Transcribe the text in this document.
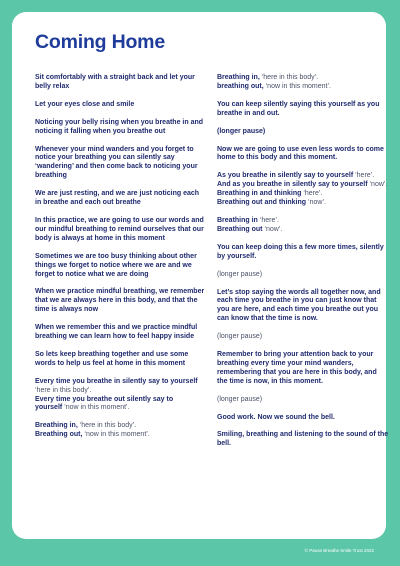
Coming Home

Sit comfortably with a straight back and let your belly relax

Let your eyes close and smile

Noticing your belly rising when you breathe in and noticing it falling when you breathe out

Whenever your mind wanders and you forget to notice your breathing you can silently say ‘wandering’ and then come back to noticing your breathing

We are just resting, and we are just noticing each in breathe and each out breathe

In this practice, we are going to use our words and our mindful breathing to remind ourselves that our body is always at home in this moment

Sometimes we are too busy thinking about other things we forget to notice where we are and we forget to notice what we are doing

When we practice mindful breathing, we remember that we are always here in this body, and that the time is always now

When we remember this and we practice mindful breathing we can learn how to feel happy inside

So lets keep breathing together and use some words to help us feel at home in this moment

Every time you breathe in silently say to yourself
‘here in this body’.
Every time you breathe out silently say to
yourself ‘now in this moment’.

Breathing in, ‘here in this body’.
Breathing out, ‘now in this moment’.

Breathing in, ‘here in this body’.
breathing out, ‘now in this moment’.

You can keep silently saying this yourself as you breathe in and out.

(longer pause)

Now we are going to use even less words to come home to this body and this moment.

As you breathe in silently say to yourself ‘here’.
And as you breathe in silently say to yourself ‘now’.
Breathing in and thinking ‘here’.
Breathing out and thinking ‘now’.

Breathing in ‘here’.
Breathing out ‘now’.

You can keep doing this a few more times, silently by yourself.

(longer pause)

Let’s stop saying the words all together now, and each time you breathe in you can just know that you are here, and each time you breathe out you can know that the time is now.

(longer pause)

Remember to bring your attention back to your breathing every time your mind wanders, remembering that you are here in this body, and the time is now, in this moment.

(longer pause)

Good work. Now we sound the bell.

Smiling, breathing and listening to the sound of the bell.

© Pause Breathe Smile Trust 2022
